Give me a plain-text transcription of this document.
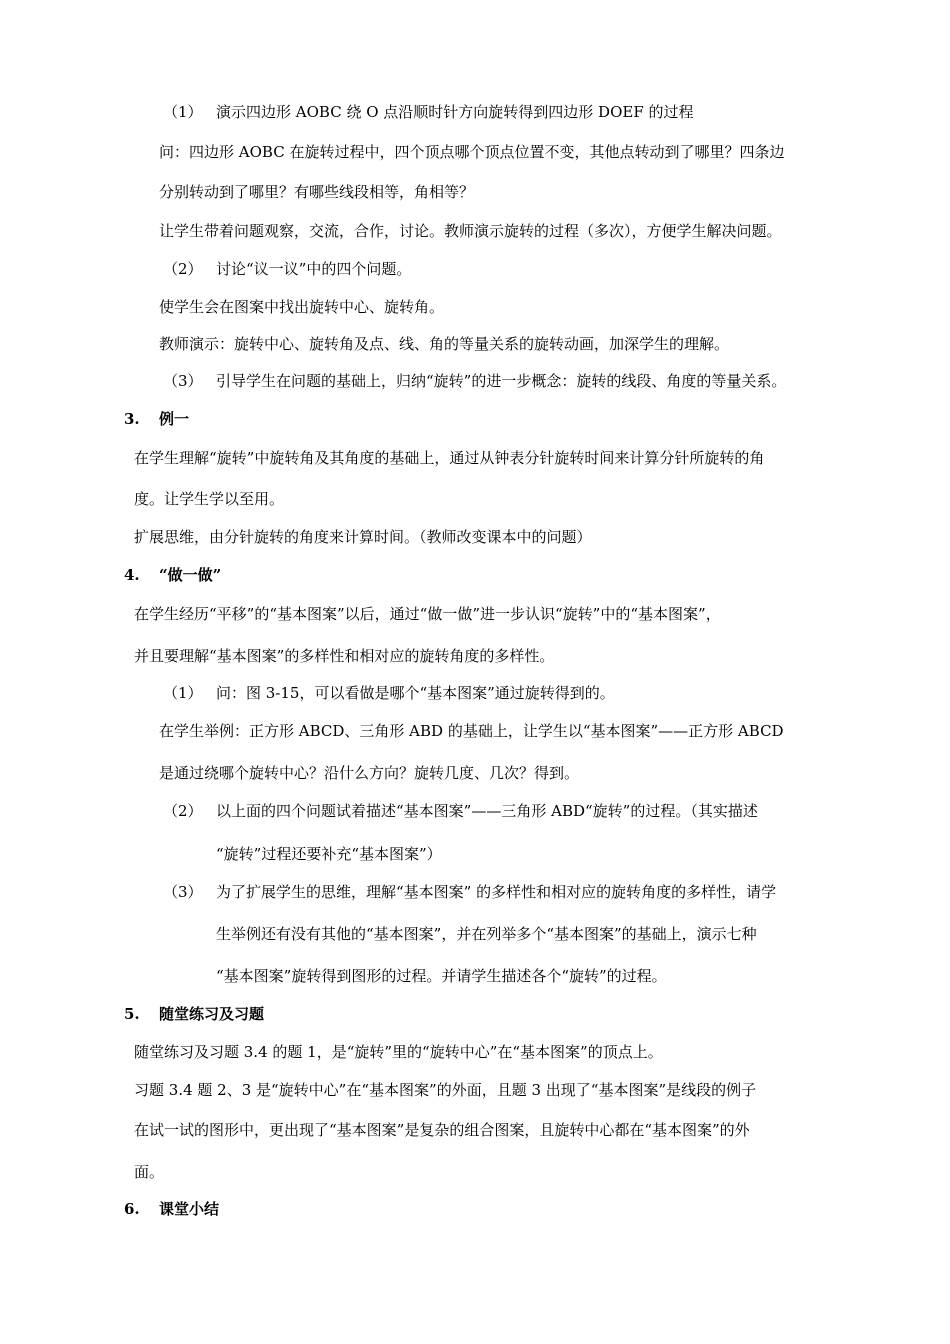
（1） 演示四边形 AOBC 绕 O 点沿顺时针方向旋转得到四边形 DOEF 的过程
问：四边形 AOBC 在旋转过程中，四个顶点哪个顶点位置不变，其他点转动到了哪里？四条边
分别转动到了哪里？有哪些线段相等，角相等？
让学生带着问题观察，交流，合作，讨论。教师演示旋转的过程（多次），方便学生解决问题。
（2） 讨论“议一议”中的四个问题。
使学生会在图案中找出旋转中心、旋转角。
教师演示：旋转中心、旋转角及点、线、角的等量关系的旋转动画，加深学生的理解。
（3） 引导学生在问题的基础上，归纳“旋转”的进一步概念：旋转的线段、角度的等量关系。
3. 例一
在学生理解“旋转”中旋转角及其角度的基础上，通过从钟表分针旋转时间来计算分针所旋转的角
度。让学生学以至用。
扩展思维，由分针旋转的角度来计算时间。（教师改变课本中的问题）
4. “做一做”
在学生经历“平移”的“基本图案”以后，通过“做一做”进一步认识“旋转”中的“基本图案”，
并且要理解“基本图案”的多样性和相对应的旋转角度的多样性。
（1） 问：图 3-15，可以看做是哪个“基本图案”通过旋转得到的。
在学生举例：正方形 ABCD、三角形 ABD 的基础上，让学生以“基本图案”——正方形 ABCD
是通过绕哪个旋转中心？沿什么方向？旋转几度、几次？得到。
（2） 以上面的四个问题试着描述“基本图案”——三角形 ABD“旋转”的过程。（其实描述
“旋转”过程还要补充“基本图案”）
（3） 为了扩展学生的思维，理解“基本图案” 的多样性和相对应的旋转角度的多样性，请学
生举例还有没有其他的“基本图案”，并在列举多个“基本图案”的基础上，演示七种
“基本图案”旋转得到图形的过程。并请学生描述各个“旋转”的过程。
5. 随堂练习及习题
随堂练习及习题 3.4 的题 1，是“旋转”里的“旋转中心”在“基本图案”的顶点上。
习题 3.4 题 2、3 是“旋转中心”在“基本图案”的外面，且题 3 出现了“基本图案”是线段的例子
在试一试的图形中，更出现了“基本图案”是复杂的组合图案，且旋转中心都在“基本图案”的外
面。
6. 课堂小结
